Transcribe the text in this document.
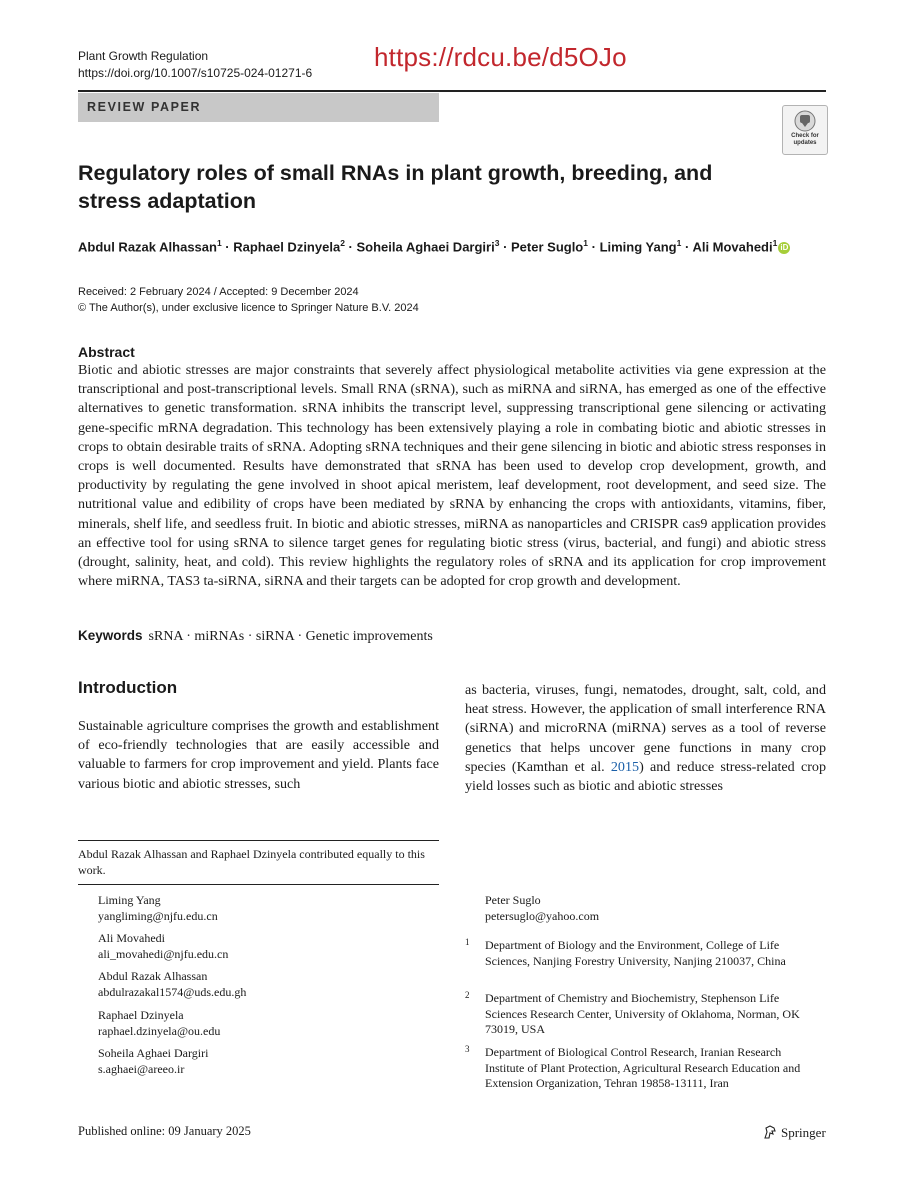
Plant Growth Regulation
https://doi.org/10.1007/s10725-024-01271-6
https://rdcu.be/d5OJo
REVIEW PAPER
Check for updates
Regulatory roles of small RNAs in plant growth, breeding, and stress adaptation
Abdul Razak Alhassan$^1$ · Raphael Dzinyela$^2$ · Soheila Aghaei Dargiri$^3$ · Peter Suglo$^1$ · Liming Yang$^1$ · Ali Movahedi$^1$ iD
Received: 2 February 2024 / Accepted: 9 December 2024
© The Author(s), under exclusive licence to Springer Nature B.V. 2024
Abstract
Biotic and abiotic stresses are major constraints that severely affect physiological metabolite activities via gene expression at the transcriptional and post-transcriptional levels. Small RNA (sRNA), such as miRNA and siRNA, has emerged as one of the effective alternatives to genetic transformation. sRNA inhibits the transcript level, suppressing transcriptional gene silencing or activating gene-specific mRNA degradation. This technology has been extensively playing a role in combating biotic and abiotic stresses in crops to obtain desirable traits of sRNA. Adopting sRNA techniques and their gene silencing in biotic and abiotic stress responses in crops is well documented. Results have demonstrated that sRNA has been used to develop crop development, growth, and productivity by regulating the gene involved in shoot apical meristem, leaf development, root development, and seed size. The nutritional value and edibility of crops have been mediated by sRNA by enhancing the crops with antioxidants, vitamins, fiber, minerals, shelf life, and seedless fruit. In biotic and abiotic stresses, miRNA as nanoparticles and CRISPR cas9 application provides an effective tool for using sRNA to silence target genes for regulating biotic stress (virus, bacterial, and fungi) and abiotic stress (drought, salinity, heat, and cold). This review highlights the regulatory roles of sRNA and its application for crop improvement where miRNA, TAS3 ta-siRNA, siRNA and their targets can be adopted for crop growth and development.
Keywords sRNA · miRNAs · siRNA · Genetic improvements
Introduction
Sustainable agriculture comprises the growth and establishment of eco-friendly technologies that are easily accessible and valuable to farmers for crop improvement and yield. Plants face various biotic and abiotic stresses, such
as bacteria, viruses, fungi, nematodes, drought, salt, cold, and heat stress. However, the application of small interference RNA (siRNA) and microRNA (miRNA) serves as a tool of reverse genetics that helps uncover gene functions in many crop species (Kamthan et al. 2015) and reduce stress-related crop yield losses such as biotic and abiotic stresses
Abdul Razak Alhassan and Raphael Dzinyela contributed equally to this work.
Liming Yang
yangliming@njfu.edu.cn
Ali Movahedi
ali_movahedi@njfu.edu.cn
Abdul Razak Alhassan
abdulrazakal1574@uds.edu.gh
Raphael Dzinyela
raphael.dzinyela@ou.edu
Soheila Aghaei Dargiri
s.aghaei@areeo.ir
Peter Suglo
petersuglo@yahoo.com
1 Department of Biology and the Environment, College of Life Sciences, Nanjing Forestry University, Nanjing 210037, China
2 Department of Chemistry and Biochemistry, Stephenson Life Sciences Research Center, University of Oklahoma, Norman, OK 73019, USA
3 Department of Biological Control Research, Iranian Research Institute of Plant Protection, Agricultural Research Education and Extension Organization, Tehran 19858-13111, Iran
Published online: 09 January 2025	Springer
